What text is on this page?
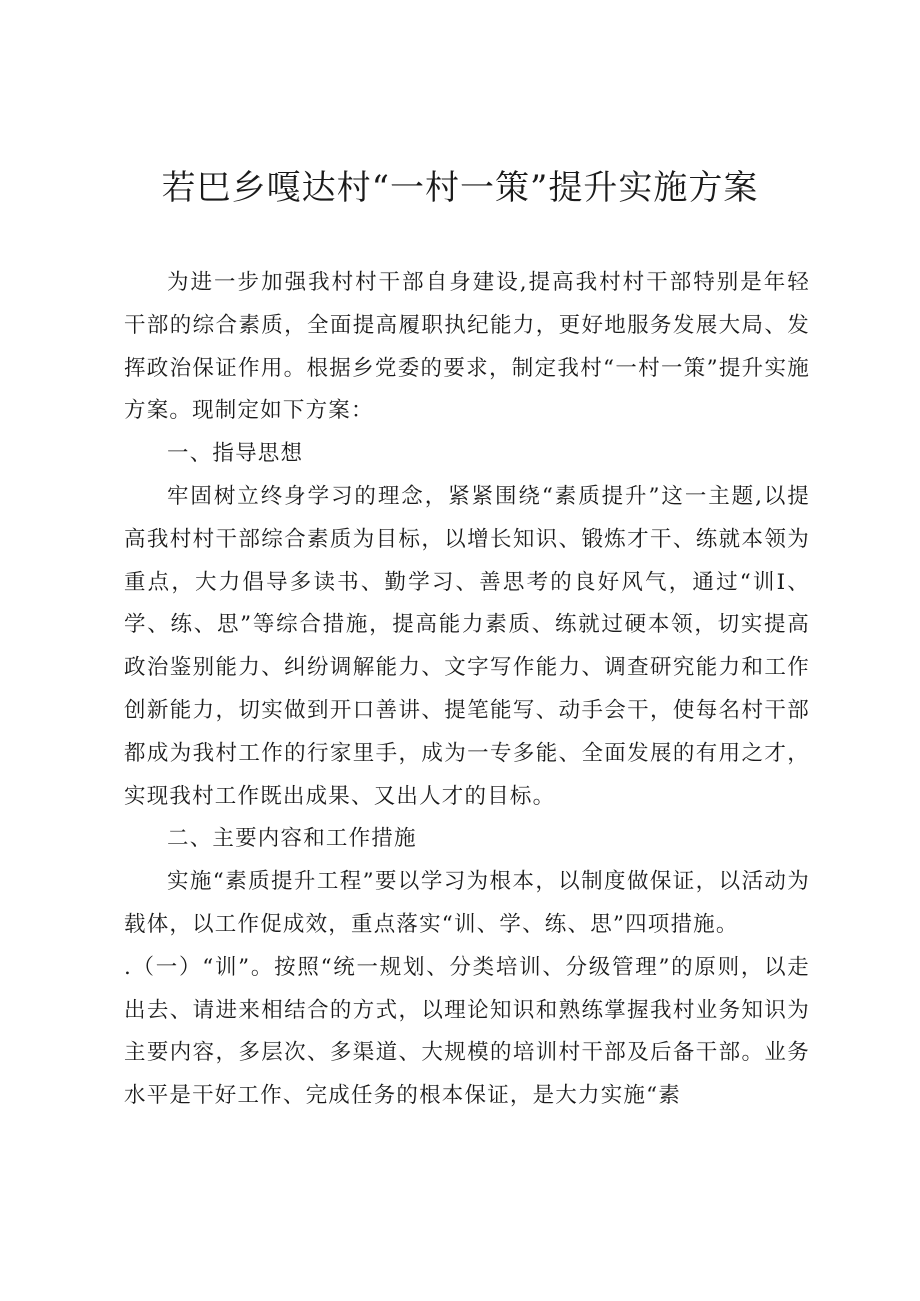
若巴乡嘎达村“一村一策”提升实施方案

为进一步加强我村村干部自身建设,提高我村村干部特别是年轻干部的综合素质，全面提高履职执纪能力，更好地服务发展大局、发挥政治保证作用。根据乡党委的要求，制定我村“一村一策”提升实施方案。现制定如下方案：

一、指导思想

牢固树立终身学习的理念，紧紧围绕“素质提升”这一主题,以提高我村村干部综合素质为目标，以增长知识、锻炼才干、练就本领为重点，大力倡导多读书、勤学习、善思考的良好风气，通过“训I、学、练、思”等综合措施，提高能力素质、练就过硬本领，切实提高政治鉴别能力、纠纷调解能力、文字写作能力、调查研究能力和工作创新能力，切实做到开口善讲、提笔能写、动手会干，使每名村干部都成为我村工作的行家里手，成为一专多能、全面发展的有用之才，实现我村工作既出成果、又出人才的目标。

二、主要内容和工作措施

实施“素质提升工程”要以学习为根本，以制度做保证，以活动为载体，以工作促成效，重点落实“训、学、练、思”四项措施。

.（一）“训”。按照“统一规划、分类培训、分级管理”的原则，以走出去、请进来相结合的方式，以理论知识和熟练掌握我村业务知识为主要内容，多层次、多渠道、大规模的培训村干部及后备干部。业务水平是干好工作、完成任务的根本保证，是大力实施“素
